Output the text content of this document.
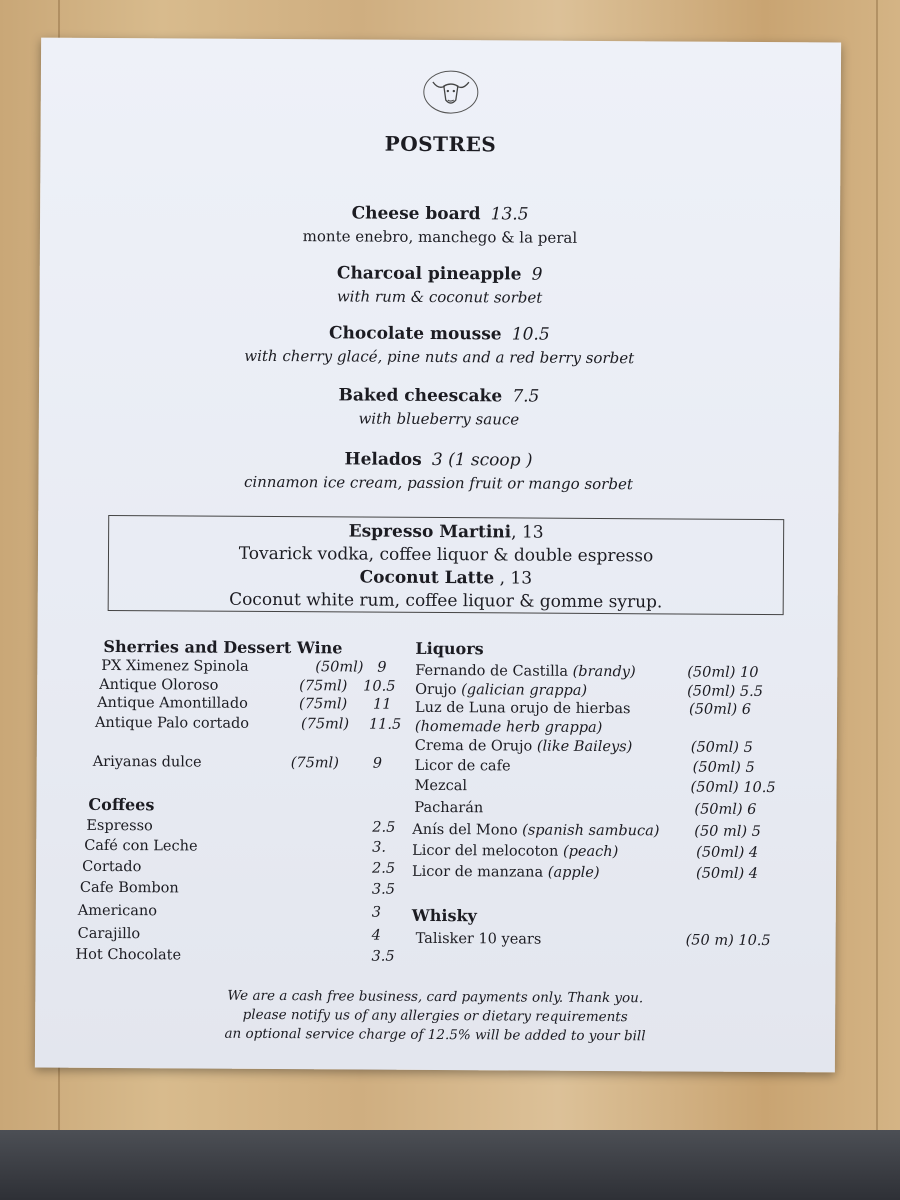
POSTRES
Cheese board 13.5
monte enebro, manchego & la peral
Charcoal pineapple 9
with rum & coconut sorbet
Chocolate mousse 10.5
with cherry glacé, pine nuts and a red berry sorbet
Baked cheescake 7.5
with blueberry sauce
Helados 3 (1 scoop )
cinnamon ice cream, passion fruit or mango sorbet
Espresso Martini, 13
Tovarick vodka, coffee liquor & double espresso
Coconut Latte , 13
Coconut white rum, coffee liquor & gomme syrup.
Sherries and Dessert Wine
PX Ximenez Spinola	(50ml) 9
Antique Oloroso	(75ml) 10.5
Antique Amontillado	(75ml) 11
Antique Palo cortado	(75ml) 11.5
Ariyanas dulce	(75ml) 9
Coffees
Espresso	2.5
Café con Leche	3.
Cortado	2.5
Cafe Bombon	3.5
Americano	3
Carajillo	4
Hot Chocolate	3.5
Liquors
Fernando de Castilla (brandy)	(50ml) 10
Orujo (galician grappa)	(50ml) 5.5
Luz de Luna orujo de hierbas	(50ml) 6
(homemade herb grappa)
Crema de Orujo (like Baileys)	(50ml) 5
Licor de cafe	(50ml) 5
Mezcal	(50ml) 10.5
Pacharán	(50ml) 6
Anís del Mono (spanish sambuca) (50 ml) 5
Licor del melocoton (peach)	(50ml) 4
Licor de manzana (apple)	(50ml) 4
Whisky
Talisker 10 years	(50 m) 10.5
We are a cash free business, card payments only. Thank you.
please notify us of any allergies or dietary requirements
an optional service charge of 12.5% will be added to your bill
